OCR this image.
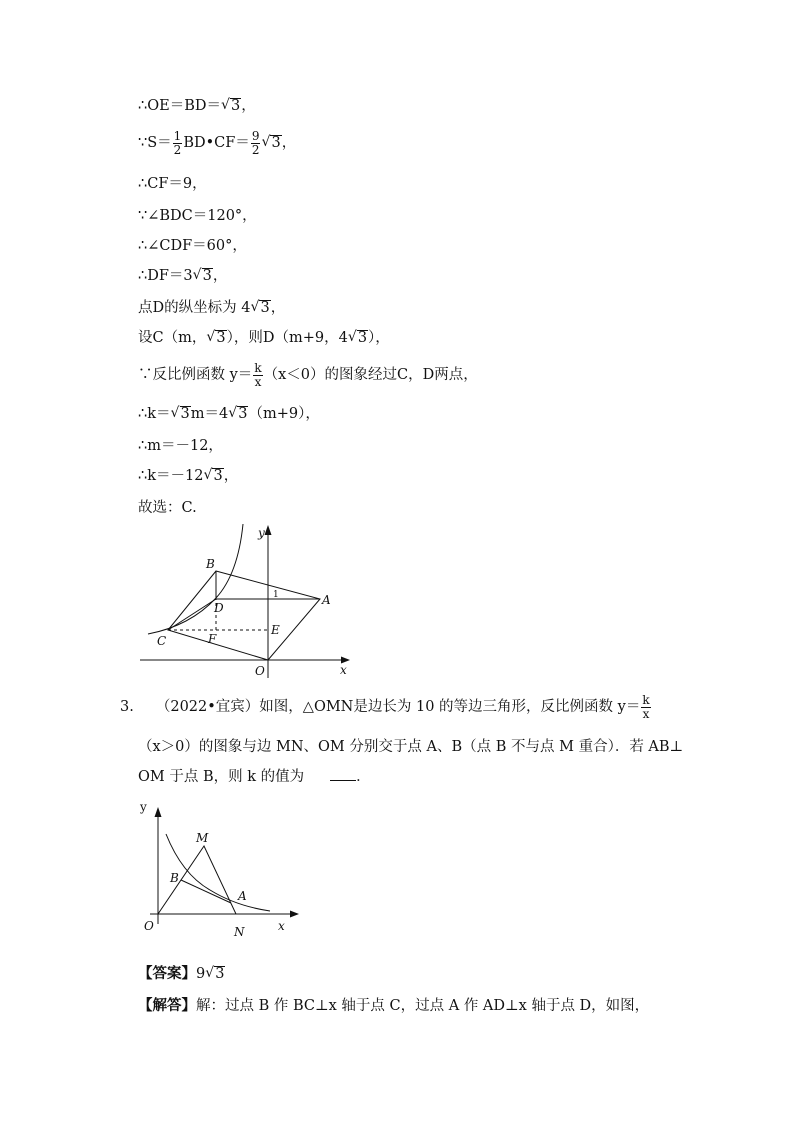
∴OE＝BD＝ √ 3，
∵S＝ $\frac{1}{2}$ BD•CF＝ $\frac{9}{2}$ √ 3，
∴CF＝9，
∵∠BDC＝120°，
∴∠CDF＝60°，
∴DF＝3 √ 3，
点D的纵坐标为 4 √ 3，
设C（m， √ 3），则D（m+9，4 √ 3），
∵反比例函数 $y= \frac{k}{x} (x<0)$的图象经过C，D两点，
∴k＝ √ 3m＝4 √ 3（m+9），
∴m＝－12，
∴k＝－12 √ 3，
故选：C.
y
x
B
A
D
E
C	F
O
1
3. （2022•宜宾）如图，△OMN是边长为 10 的等边三角形，反比例函数 $y= \frac{k}{x}$
（x＞0）的图象与边 MN、OM 分别交于点 A、B（点 B 不与点 M 重合）．若 AB⊥
OM 于点 B，则 k 的值为	．
y
x
M
B
A
O	N
【答案】9 √ 3
【解答】解：过点 B 作 BC⊥x 轴于点 C，过点 A 作 AD⊥x 轴于点 D，如图，
